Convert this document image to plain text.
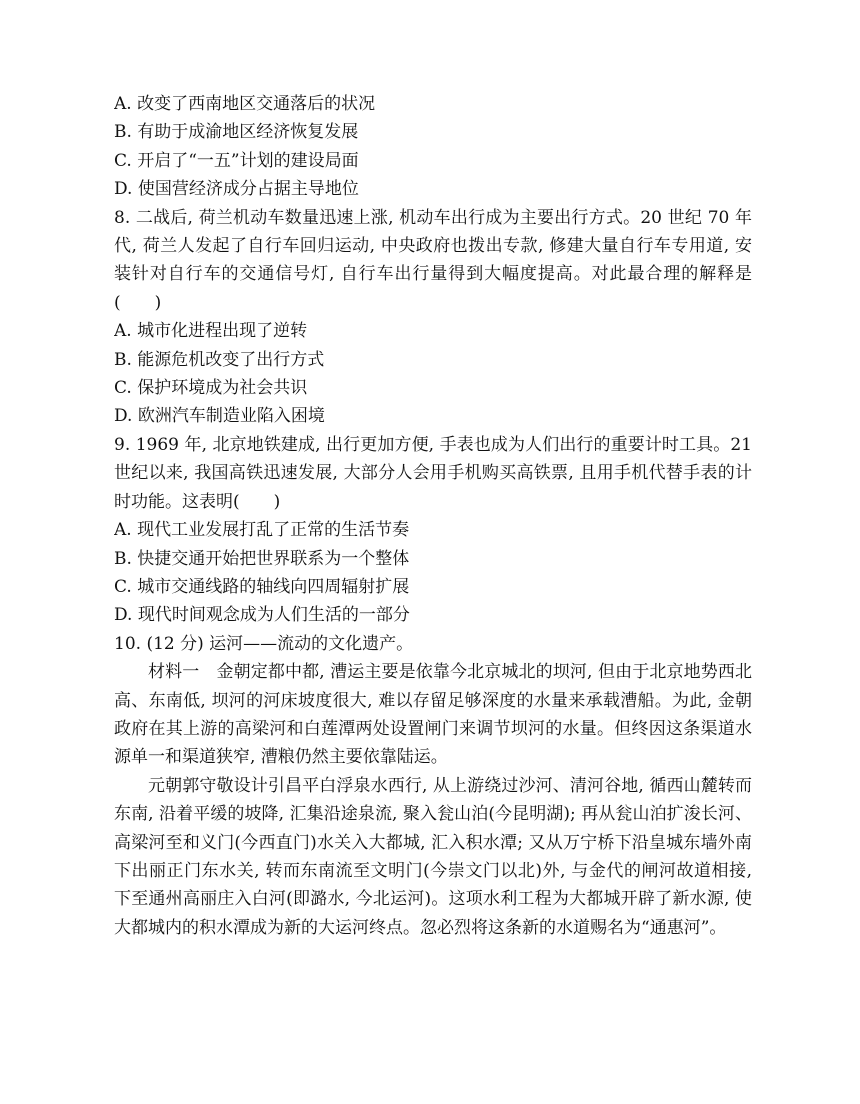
A. 改变了西南地区交通落后的状况
B. 有助于成渝地区经济恢复发展
C. 开启了“一五”计划的建设局面
D. 使国营经济成分占据主导地位
8. 二战后, 荷兰机动车数量迅速上涨, 机动车出行成为主要出行方式。20 世纪 70 年代, 荷兰人发起了自行车回归运动, 中央政府也拨出专款, 修建大量自行车专用道, 安装针对自行车的交通信号灯, 自行车出行量得到大幅度提高。对此最合理的解释是(　　)
A. 城市化进程出现了逆转
B. 能源危机改变了出行方式
C. 保护环境成为社会共识
D. 欧洲汽车制造业陷入困境
9. 1969 年, 北京地铁建成, 出行更加方便, 手表也成为人们出行的重要计时工具。21 世纪以来, 我国高铁迅速发展, 大部分人会用手机购买高铁票, 且用手机代替手表的计时功能。这表明(　　)
A. 现代工业发展打乱了正常的生活节奏
B. 快捷交通开始把世界联系为一个整体
C. 城市交通线路的轴线向四周辐射扩展
D. 现代时间观念成为人们生活的一部分
10. (12 分) 运河——流动的文化遗产。
材料一　金朝定都中都, 漕运主要是依靠今北京城北的坝河, 但由于北京地势西北高、东南低, 坝河的河床坡度很大, 难以存留足够深度的水量来承载漕船。为此, 金朝政府在其上游的高梁河和白莲潭两处设置闸门来调节坝河的水量。但终因这条渠道水源单一和渠道狭窄, 漕粮仍然主要依靠陆运。
元朝郭守敬设计引昌平白浮泉水西行, 从上游绕过沙河、清河谷地, 循西山麓转而东南, 沿着平缓的坡降, 汇集沿途泉流, 聚入瓮山泊(今昆明湖); 再从瓮山泊扩浚长河、高梁河至和义门(今西直门)水关入大都城, 汇入积水潭; 又从万宁桥下沿皇城东墙外南下出丽正门东水关, 转而东南流至文明门(今崇文门以北)外, 与金代的闸河故道相接, 下至通州高丽庄入白河(即潞水, 今北运河)。这项水利工程为大都城开辟了新水源, 使大都城内的积水潭成为新的大运河终点。忽必烈将这条新的水道赐名为“通惠河”。
